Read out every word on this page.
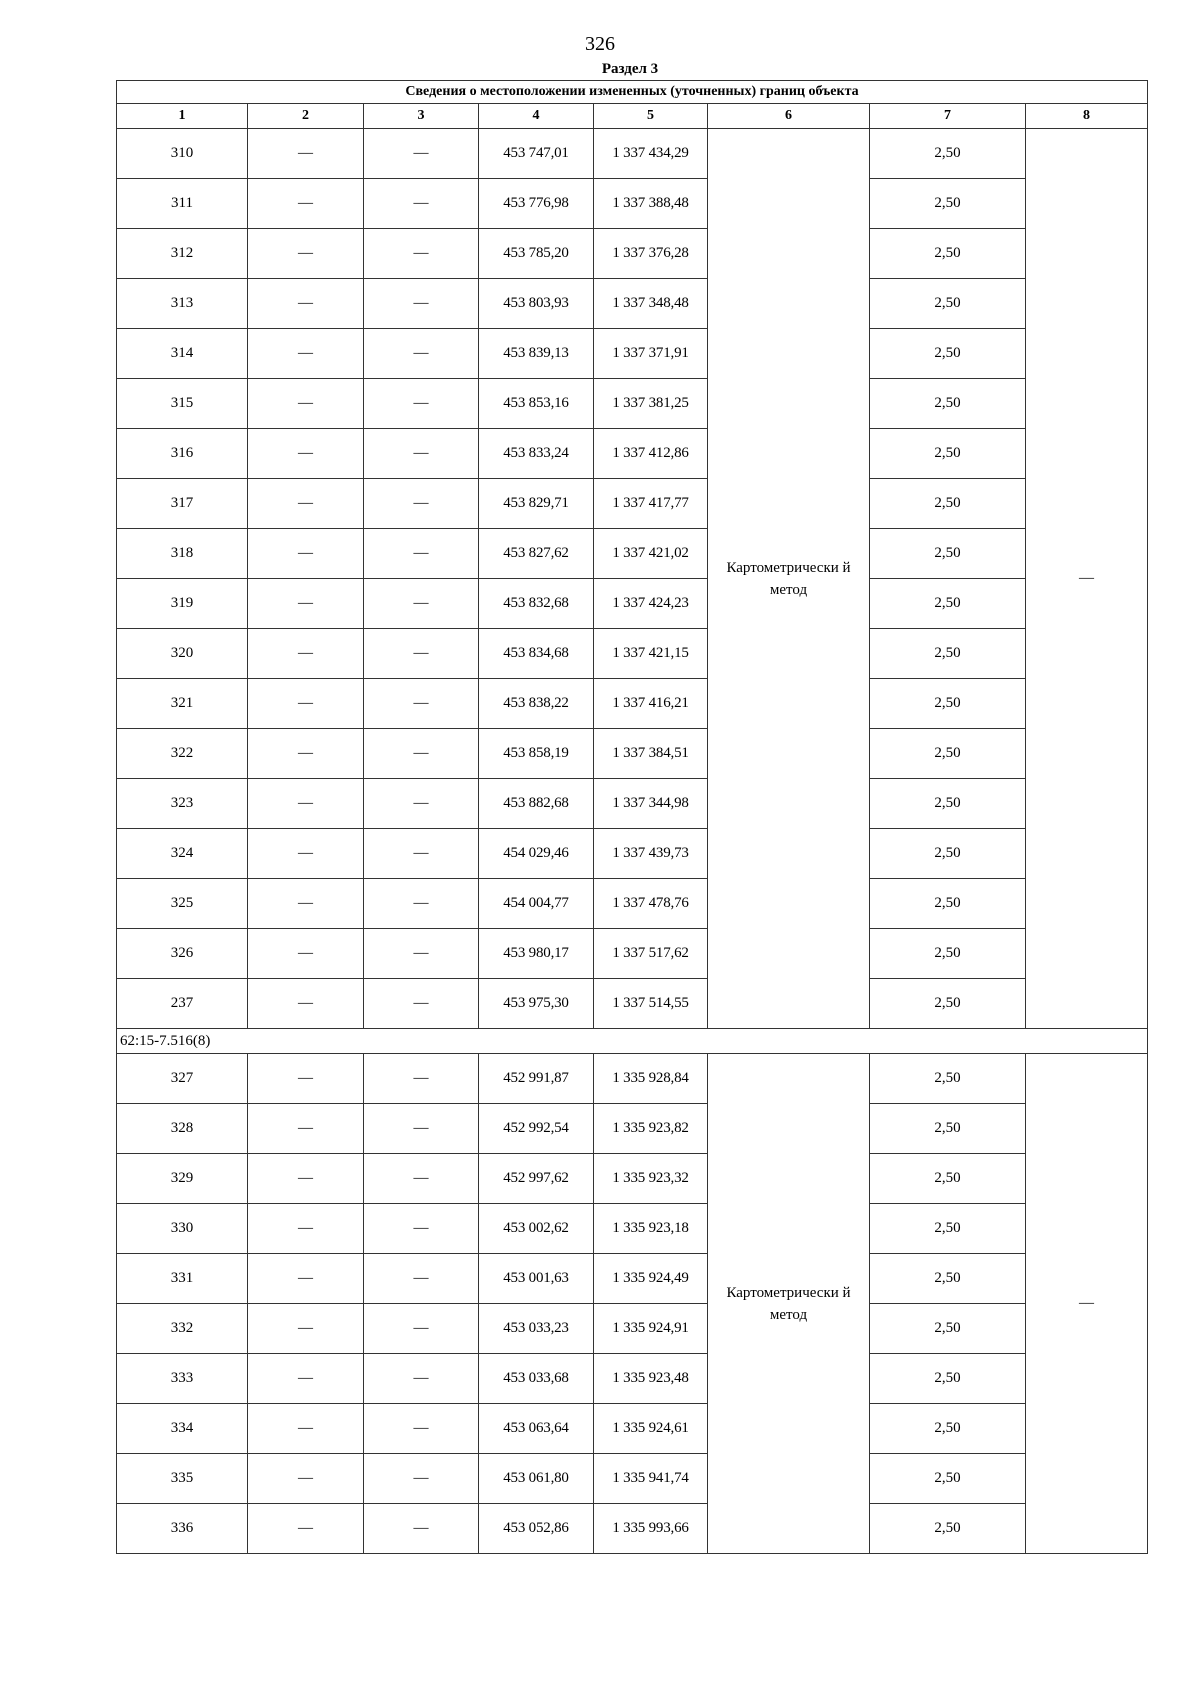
326
Раздел 3
Сведения о местоположении измененных (уточненных) границ объекта							
1	2	3	4	5	6	7	8
310	—	—	453 747,01	1 337 434,29	Картометрически й метод	2,50	—
311	—	—	453 776,98	1 337 388,48		2,50	
312	—	—	453 785,20	1 337 376,28		2,50	
313	—	—	453 803,93	1 337 348,48		2,50	
314	—	—	453 839,13	1 337 371,91		2,50	
315	—	—	453 853,16	1 337 381,25		2,50	
316	—	—	453 833,24	1 337 412,86		2,50	
317	—	—	453 829,71	1 337 417,77		2,50	
318	—	—	453 827,62	1 337 421,02		2,50	
319	—	—	453 832,68	1 337 424,23		2,50	
320	—	—	453 834,68	1 337 421,15		2,50	
321	—	—	453 838,22	1 337 416,21		2,50	
322	—	—	453 858,19	1 337 384,51		2,50	
323	—	—	453 882,68	1 337 344,98		2,50	
324	—	—	454 029,46	1 337 439,73		2,50	
325	—	—	454 004,77	1 337 478,76		2,50	
326	—	—	453 980,17	1 337 517,62		2,50	
237	—	—	453 975,30	1 337 514,55		2,50	
62:15-7.516(8)							
327	—	—	452 991,87	1 335 928,84	Картометрически й метод	2,50	—
328	—	—	452 992,54	1 335 923,82		2,50	
329	—	—	452 997,62	1 335 923,32		2,50	
330	—	—	453 002,62	1 335 923,18		2,50	
331	—	—	453 001,63	1 335 924,49		2,50	
332	—	—	453 033,23	1 335 924,91		2,50	
333	—	—	453 033,68	1 335 923,48		2,50	
334	—	—	453 063,64	1 335 924,61		2,50	
335	—	—	453 061,80	1 335 941,74		2,50	
336	—	—	453 052,86	1 335 993,66		2,50	
